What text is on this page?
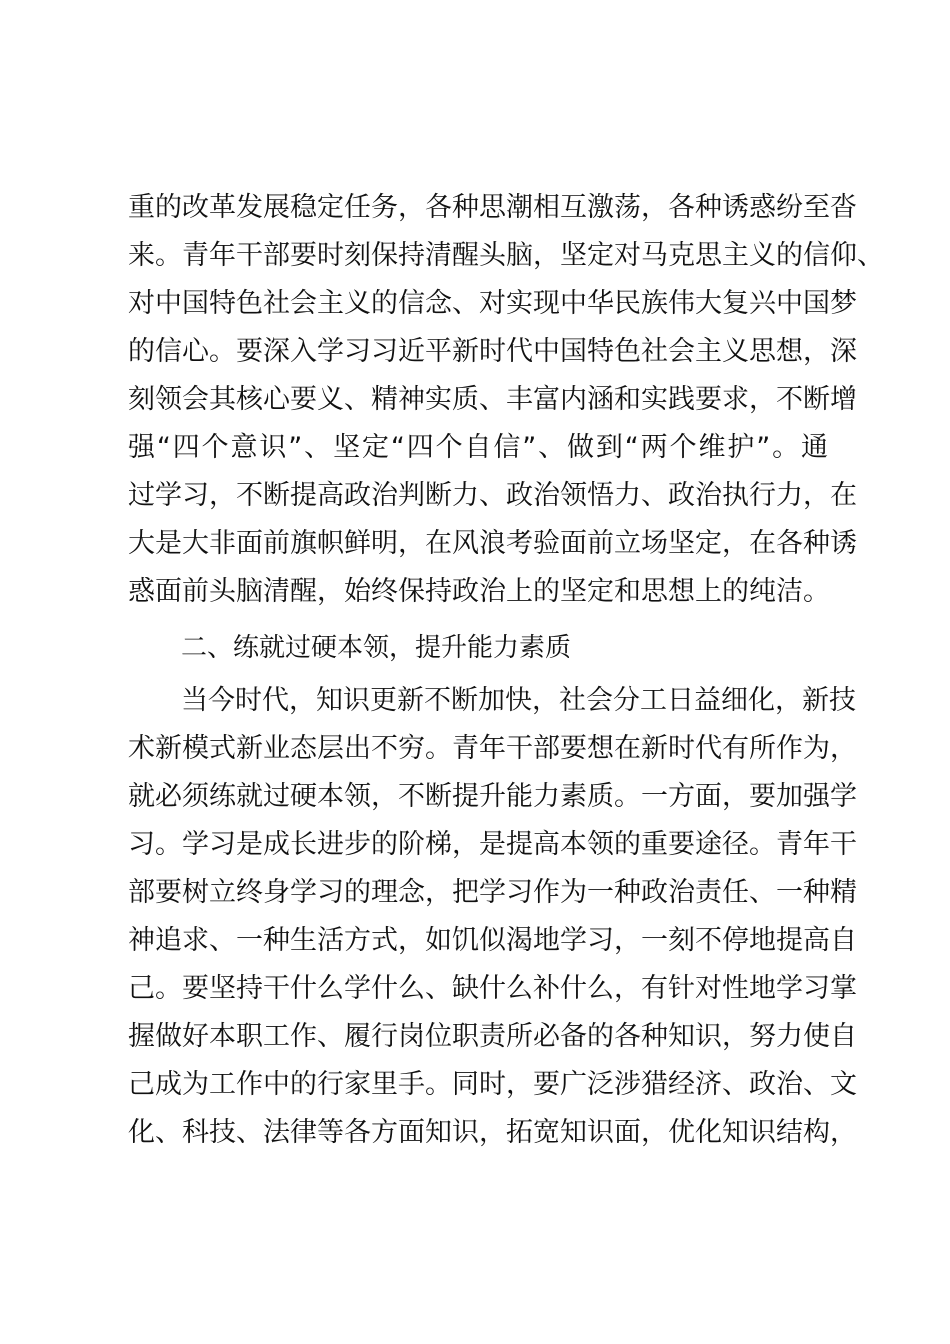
重的改革发展稳定任务，各种思潮相互激荡，各种诱惑纷至沓
来。青年干部要时刻保持清醒头脑，坚定对马克思主义的信仰、
对中国特色社会主义的信念、对实现中华民族伟大复兴中国梦
的信心。要深入学习习近平新时代中国特色社会主义思想，深
刻领会其核心要义、精神实质、丰富内涵和实践要求，不断增
强“四个意识”、坚定“四个自信”、做到“两个维护”。通
过学习，不断提高政治判断力、政治领悟力、政治执行力，在
大是大非面前旗帜鲜明，在风浪考验面前立场坚定，在各种诱
惑面前头脑清醒，始终保持政治上的坚定和思想上的纯洁。
二、练就过硬本领，提升能力素质
当今时代，知识更新不断加快，社会分工日益细化，新技
术新模式新业态层出不穷。青年干部要想在新时代有所作为，
就必须练就过硬本领，不断提升能力素质。一方面，要加强学
习。学习是成长进步的阶梯，是提高本领的重要途径。青年干
部要树立终身学习的理念，把学习作为一种政治责任、一种精
神追求、一种生活方式，如饥似渴地学习，一刻不停地提高自
己。要坚持干什么学什么、缺什么补什么，有针对性地学习掌
握做好本职工作、履行岗位职责所必备的各种知识，努力使自
己成为工作中的行家里手。同时，要广泛涉猎经济、政治、文
化、科技、法律等各方面知识，拓宽知识面，优化知识结构，
